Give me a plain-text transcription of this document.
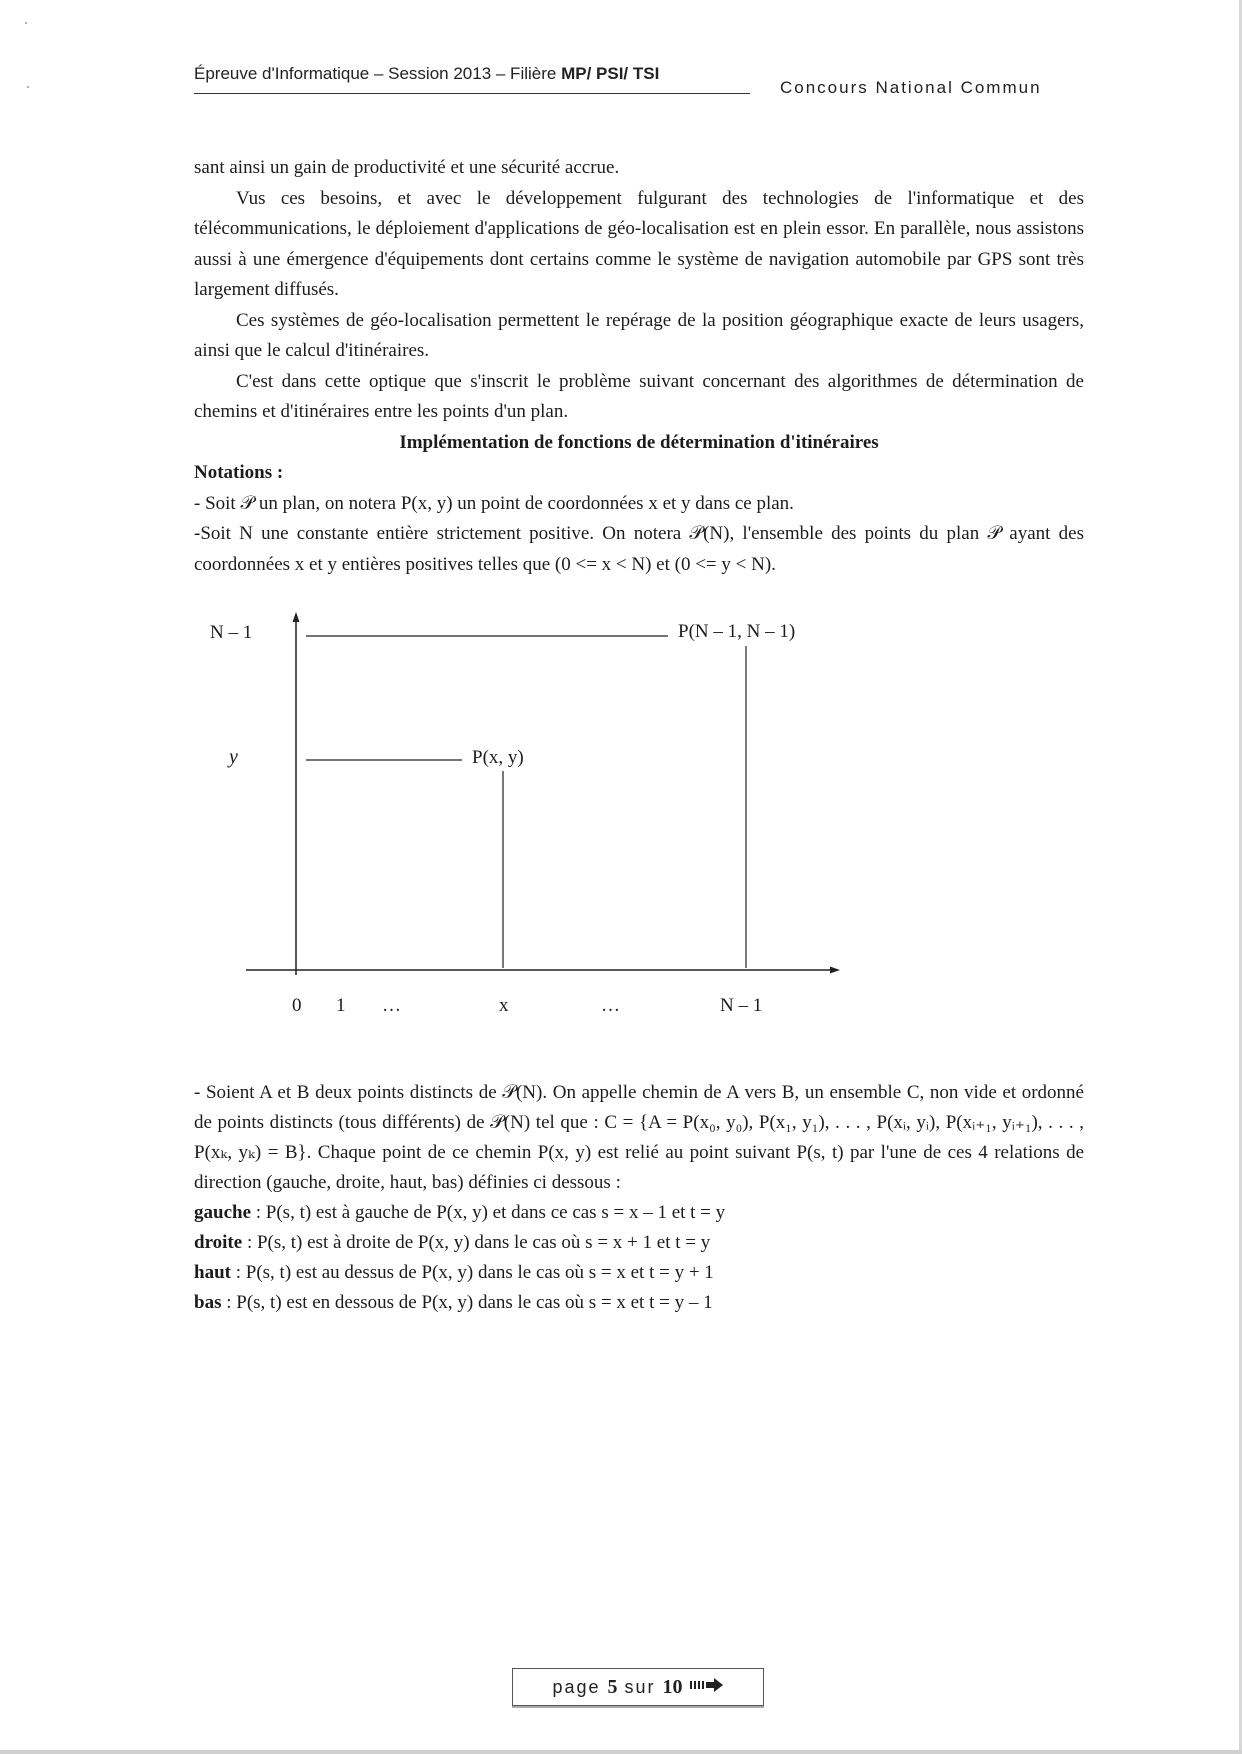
Épreuve d'Informatique – Session 2013 – Filière MP/ PSI/ TSI
Concours National Commun

sant ainsi un gain de productivité et une sécurité accrue.

Vus ces besoins, et avec le développement fulgurant des technologies de l'informatique et des télécommunications, le déploiement d'applications de géo-localisation est en plein essor. En parallèle, nous assistons aussi à une émergence d'équipements dont certains comme le système de navigation automobile par GPS sont très largement diffusés.

Ces systèmes de géo-localisation permettent le repérage de la position géographique exacte de leurs usagers, ainsi que le calcul d'itinéraires.

C'est dans cette optique que s'inscrit le problème suivant concernant des algorithmes de détermination de chemins et d'itinéraires entre les points d'un plan.

Implémentation de fonctions de détermination d'itinéraires

Notations :

- Soit 𝒫 un plan, on notera P(x, y) un point de coordonnées x et y dans ce plan.

-Soit N une constante entière strictement positive. On notera 𝒫(N), l'ensemble des points du plan 𝒫 ayant des coordonnées x et y entières positives telles que (0 <= x < N) et (0 <= y < N).

N – 1
y
P(N – 1, N – 1)
P(x, y)
0 1 …	x	…	N – 1

- Soient A et B deux points distincts de 𝒫(N). On appelle chemin de A vers B, un ensemble C, non vide et ordonné de points distincts (tous différents) de 𝒫(N) tel que : C = {A = P(x₀, y₀), P(x₁, y₁), . . . , P(xᵢ, yᵢ), P(xᵢ₊₁, yᵢ₊₁), . . . , P(xₖ, yₖ) = B}. Chaque point de ce chemin P(x, y) est relié au point suivant P(s, t) par l'une de ces 4 relations de direction (gauche, droite, haut, bas) définies ci dessous :

gauche : P(s, t) est à gauche de P(x, y) et dans ce cas s = x – 1 et t = y

droite : P(s, t) est à droite de P(x, y) dans le cas où s = x + 1 et t = y

haut : P(s, t) est au dessus de P(x, y) dans le cas où s = x et t = y + 1

bas : P(s, t) est en dessous de P(x, y) dans le cas où s = x et t = y – 1

page 5 sur 10
